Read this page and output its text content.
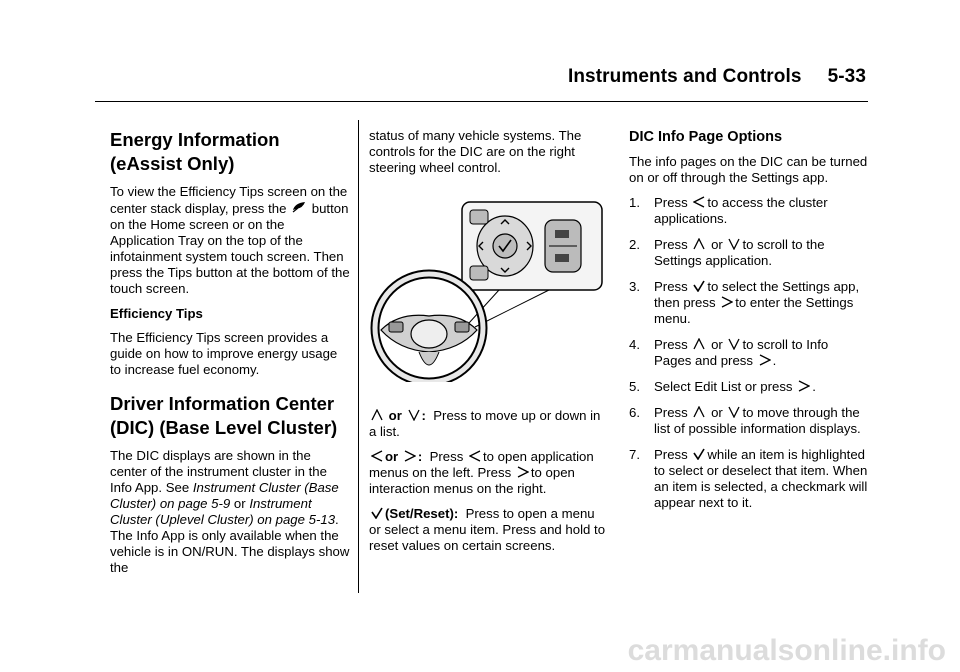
Instruments and Controls 5-33
Energy Information (eAssist Only)
To view the Efficiency Tips screen on the center stack display, press the button on the Home screen or on the Application Tray on the top of the infotainment system touch screen. Then press the Tips button at the bottom of the touch screen.
Efficiency Tips
The Efficiency Tips screen provides a guide on how to improve energy usage to increase fuel economy.
Driver Information Center (DIC) (Base Level Cluster)
The DIC displays are shown in the center of the instrument cluster in the Info App. See Instrument Cluster (Base Cluster) on page 5-9 or Instrument Cluster (Uplevel Cluster) on page 5-13. The Info App is only available when the vehicle is in ON/RUN. The displays show the
status of many vehicle systems. The controls for the DIC are on the right steering wheel control.
or : Press to move up or down in a list.
or : Press to open application menus on the left. Press to open interaction menus on the right.
(Set/Reset): Press to open a menu or select a menu item. Press and hold to reset values on certain screens.
DIC Info Page Options
The info pages on the DIC can be turned on or off through the Settings app.
1. Press to access the cluster applications.
2. Press or to scroll to the Settings application.
3. Press to select the Settings app, then press to enter the Settings menu.
4. Press or to scroll to Info Pages and press .
5. Select Edit List or press .
6. Press or to move through the list of possible information displays.
7. Press while an item is highlighted to select or deselect that item. When an item is selected, a checkmark will appear next to it.
carmanualsonline.info
